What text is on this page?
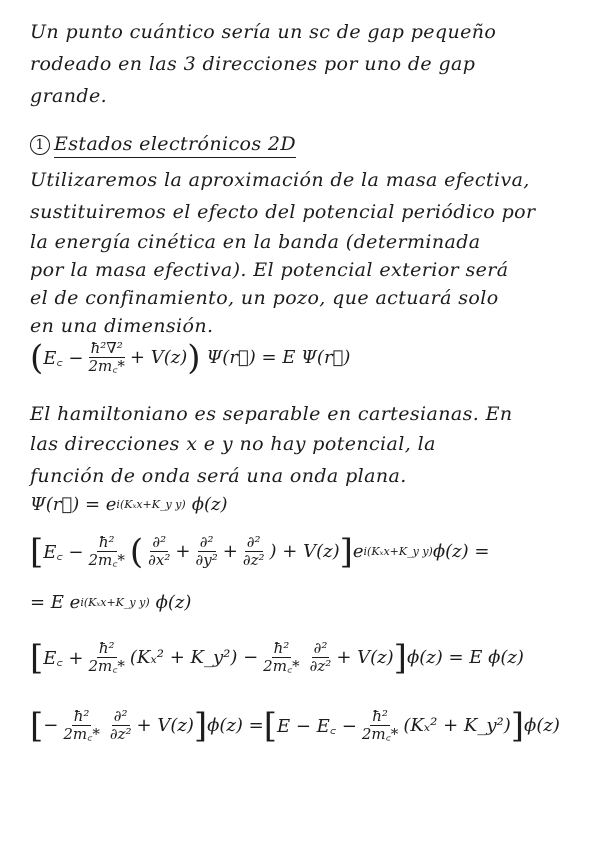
Un punto cuántico sería un sc de gap pequeño
rodeado en las 3 direcciones por uno de gap
grande.
1 Estados electrónicos 2D
Utilizaremos la aproximación de la masa efectiva,
sustituiremos el efecto del potencial periódico por
la energía cinética en la banda (determinada
por la masa efectiva). El potencial exterior será
el de confinamiento, un pozo, que actuará solo
en una dimensión.
( E꜀ − $\frac{\text{ħ²∇²}}{2m꜀*} + V(z)$ ) Ψ(r⃗) = E Ψ(r⃗)
El hamiltoniano es separable en cartesianas. En
las direcciones x e y no hay potencial, la
función de onda será una onda plana.
Ψ(r⃗) = e i(Kₓx+K_y y) ϕ(z)
[ E꜀ − $\frac{\text{ħ²}}{2m꜀*}$ ( $\frac{\text{∂²}}{\text{∂x²}} + \frac{\text{∂²}}{\text{∂y²}} + \frac{\text{∂²}}{\text{∂z²}}$ ) + V(z) ] e i(Kₓx+K_y y) ϕ(z) =
= E e i(Kₓx+K_y y) ϕ(z)
[ E꜀ + $\frac{\text{ħ²}}{2m꜀*} (K_x^2$ + K_y²) − $\frac{\text{ħ²}}{2m꜀*} \frac{\text{∂²}}{\text{∂z²}} + V(z)$ ] ϕ(z) = E ϕ(z)
[ − $\frac{\text{ħ²}}{2m꜀*} \frac{\text{∂²}}{\text{∂z²}} + V(z)$ ] ϕ(z) = [ E − E꜀ − $\frac{\text{ħ²}}{2m꜀*} (K_x^2$ + K_y²) ] ϕ(z)
